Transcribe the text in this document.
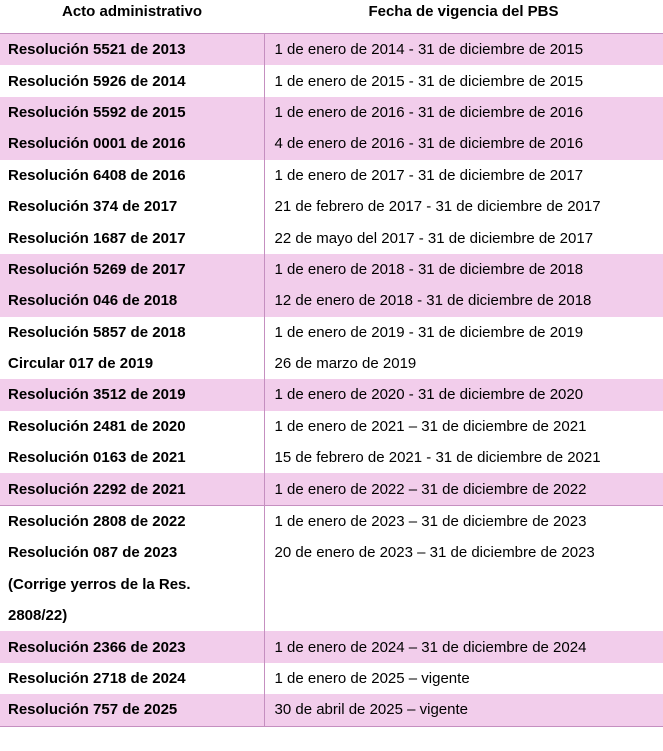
Acto administrativo	Fecha de vigencia del PBS
Resolución 5521 de 2013	1 de enero de 2014 - 31 de diciembre de 2015
Resolución 5926 de 2014	1 de enero de 2015 - 31 de diciembre de 2015
Resolución 5592 de 2015	1 de enero de 2016 - 31 de diciembre de 2016
Resolución 0001 de 2016	4 de enero de 2016 - 31 de diciembre de 2016
Resolución 6408 de 2016	1 de enero de 2017 - 31 de diciembre de 2017
Resolución 374 de 2017	21 de febrero de 2017 - 31 de diciembre de 2017
Resolución 1687 de 2017	22 de mayo del 2017 - 31 de diciembre de 2017
Resolución 5269 de 2017	1 de enero de 2018 - 31 de diciembre de 2018
Resolución 046 de 2018	12 de enero de 2018 - 31 de diciembre de 2018
Resolución 5857 de 2018	1 de enero de 2019 - 31 de diciembre de 2019
Circular 017 de 2019	26 de marzo de 2019
Resolución 3512 de 2019	1 de enero de 2020 - 31 de diciembre de 2020
Resolución 2481 de 2020	1 de enero de 2021 – 31 de diciembre de 2021
Resolución 0163 de 2021	15 de febrero de 2021 - 31 de diciembre de 2021
Resolución 2292 de 2021	1 de enero de 2022 – 31 de diciembre de 2022
Resolución 2808 de 2022	1 de enero de 2023 – 31 de diciembre de 2023
Resolución 087 de 2023	20 de enero de 2023 – 31 de diciembre de 2023
(Corrige yerros de la Res.	
2808/22)	
Resolución 2366 de 2023	1 de enero de 2024 – 31 de diciembre de 2024
Resolución 2718 de 2024	1 de enero de 2025 – vigente
Resolución 757 de 2025	30 de abril de 2025 – vigente
